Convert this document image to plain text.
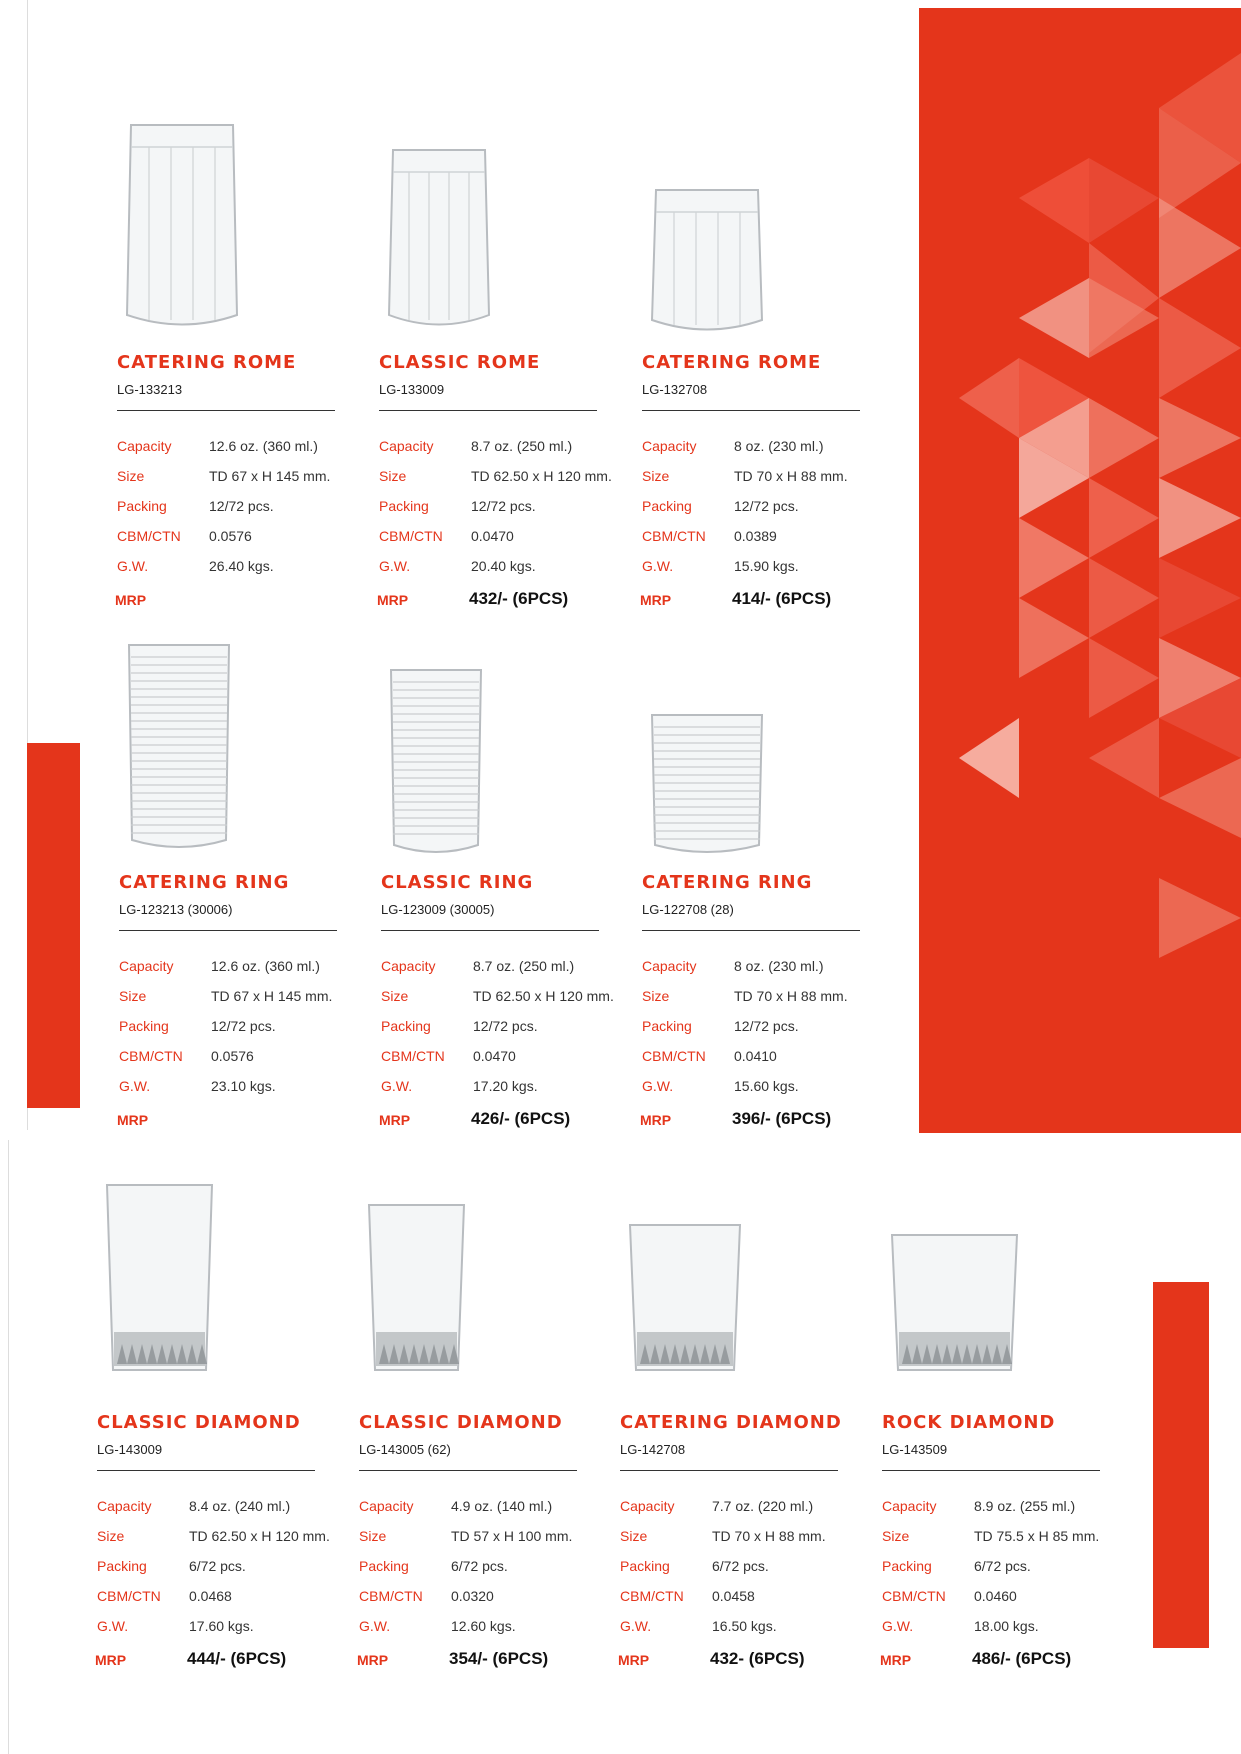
CATERING ROME
LG-133213
Capacity	12.6 oz. (360 ml.)
Size	TD 67 x H 145 mm.
Packing	12/72 pcs.
CBM/CTN 0.0576
G.W.	26.40 kgs.
MRP
CLASSIC ROME
LG-133009
Capacity	8.7 oz. (250 ml.)
Size	TD 62.50 x H 120 mm.
Packing	12/72 pcs.
CBM/CTN 0.0470
G.W.	20.40 kgs.
MRP	432/- (6PCS)
CATERING ROME
LG-132708
Capacity	8 oz. (230 ml.)
Size	TD 70 x H 88 mm.
Packing	12/72 pcs.
CBM/CTN 0.0389
G.W.	15.90 kgs.
MRP	414/- (6PCS)
CATERING RING
LG-123213 (30006)
Capacity	12.6 oz. (360 ml.)
Size	TD 67 x H 145 mm.
Packing	12/72 pcs.
CBM/CTN 0.0576
G.W.	23.10 kgs.
MRP
CLASSIC RING
LG-123009 (30005)
Capacity	8.7 oz. (250 ml.)
Size	TD 62.50 x H 120 mm.
Packing	12/72 pcs.
CBM/CTN 0.0470
G.W.	17.20 kgs.
MRP	426/- (6PCS)
CATERING RING
LG-122708 (28)
Capacity	8 oz. (230 ml.)
Size	TD 70 x H 88 mm.
Packing	12/72 pcs.
CBM/CTN 0.0410
G.W.	15.60 kgs.
MRP	396/- (6PCS)
CLASSIC DIAMOND
LG-143009
Capacity	8.4 oz. (240 ml.)
Size	TD 62.50 x H 120 mm.
Packing	6/72 pcs.
CBM/CTN 0.0468
G.W.	17.60 kgs.
MRP	444/- (6PCS)
CLASSIC DIAMOND
LG-143005 (62)
Capacity	4.9 oz. (140 ml.)
Size	TD 57 x H 100 mm.
Packing	6/72 pcs.
CBM/CTN 0.0320
G.W.	12.60 kgs.
MRP	354/- (6PCS)
CATERING DIAMOND
LG-142708
Capacity	7.7 oz. (220 ml.)
Size	TD 70 x H 88 mm.
Packing	6/72 pcs.
CBM/CTN 0.0458
G.W.	16.50 kgs.
MRP	432- (6PCS)
ROCK DIAMOND
LG-143509
Capacity	8.9 oz. (255 ml.)
Size	TD 75.5 x H 85 mm.
Packing	6/72 pcs.
CBM/CTN 0.0460
G.W.	18.00 kgs.
MRP	486/- (6PCS)
